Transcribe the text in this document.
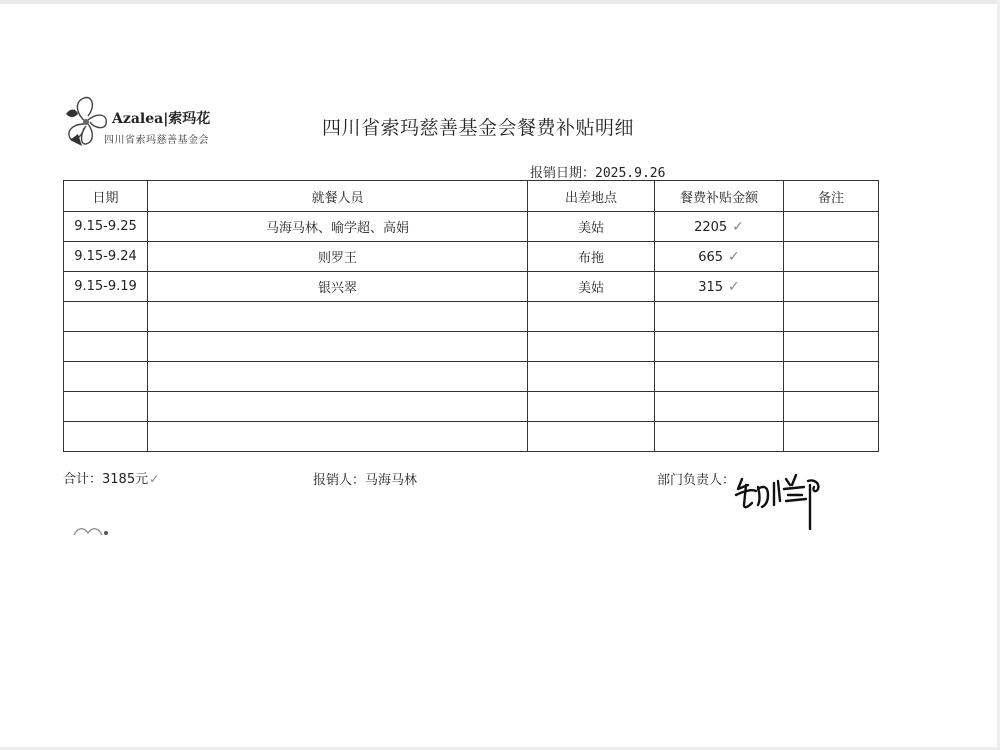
Azalea|索玛花
四川省索玛慈善基金会
四川省索玛慈善基金会餐费补贴明细
报销日期：2025.9.26
日期	就餐人员	出差地点	餐费补贴金额	备注
9.15-9.25	马海马林、喻学超、高娟	美姑	2205 ✓	
9.15-9.24	则罗王	布拖	665 ✓	
9.15-9.19	银兴翠	美姑	315 ✓	

合计：3185元✓	报销人：马海马林	部门负责人：
